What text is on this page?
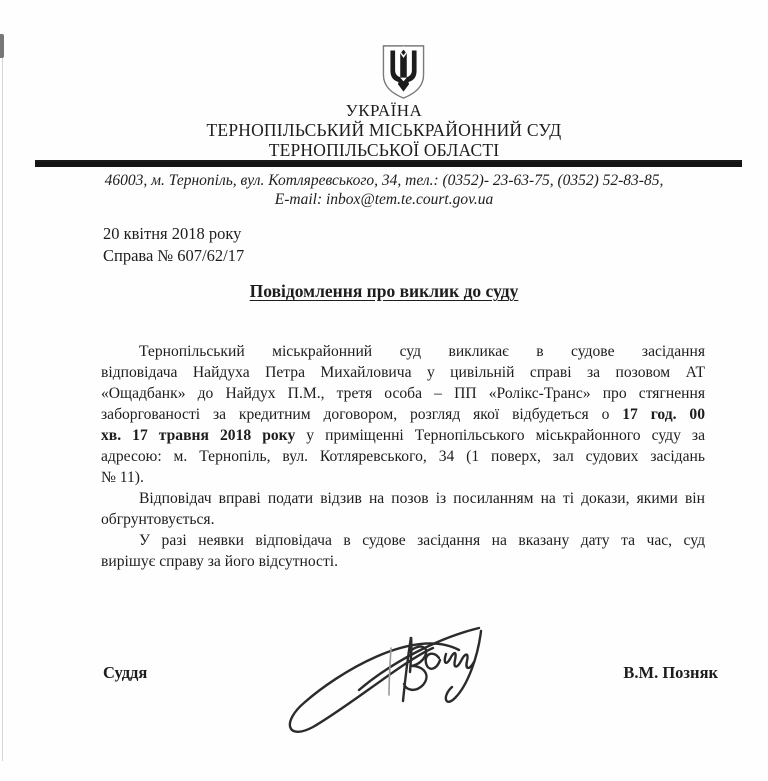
УКРАЇНА
ТЕРНОПІЛЬСЬКИЙ МІСЬКРАЙОННИЙ СУД
ТЕРНОПІЛЬСЬКОЇ ОБЛАСТІ
46003, м. Тернопіль, вул. Котляревського, 34, тел.: (0352)- 23-63-75, (0352) 52-83-85,
E-mail: inbox@tem.te.court.gov.ua
20 квітня 2018 року
Справа № 607/62/17
Повідомлення про виклик до суду
Тернопільський міськрайонний суд викликає в судове засідання
відповідача Найдуха Петра Михайловича у цивільній справі за позовом АТ
«Ощадбанк» до Найдух П.М., третя особа – ПП «Ролікс-Транс» про стягнення
заборгованості за кредитним договором, розгляд якої відбудеться о 17 год. 00
хв. 17 травня 2018 року у приміщенні Тернопільського міськрайонного суду за
адресою: м. Тернопіль, вул. Котляревського, 34 (1 поверх, зал судових засідань
№ 11).
Відповідач вправі подати відзив на позов із посиланням на ті докази, якими він
обгрунтовується.
У разі неявки відповідача в судове засідання на вказану дату та час, суд
вирішує справу за його відсутності.
Суддя	В.М. Позняк
